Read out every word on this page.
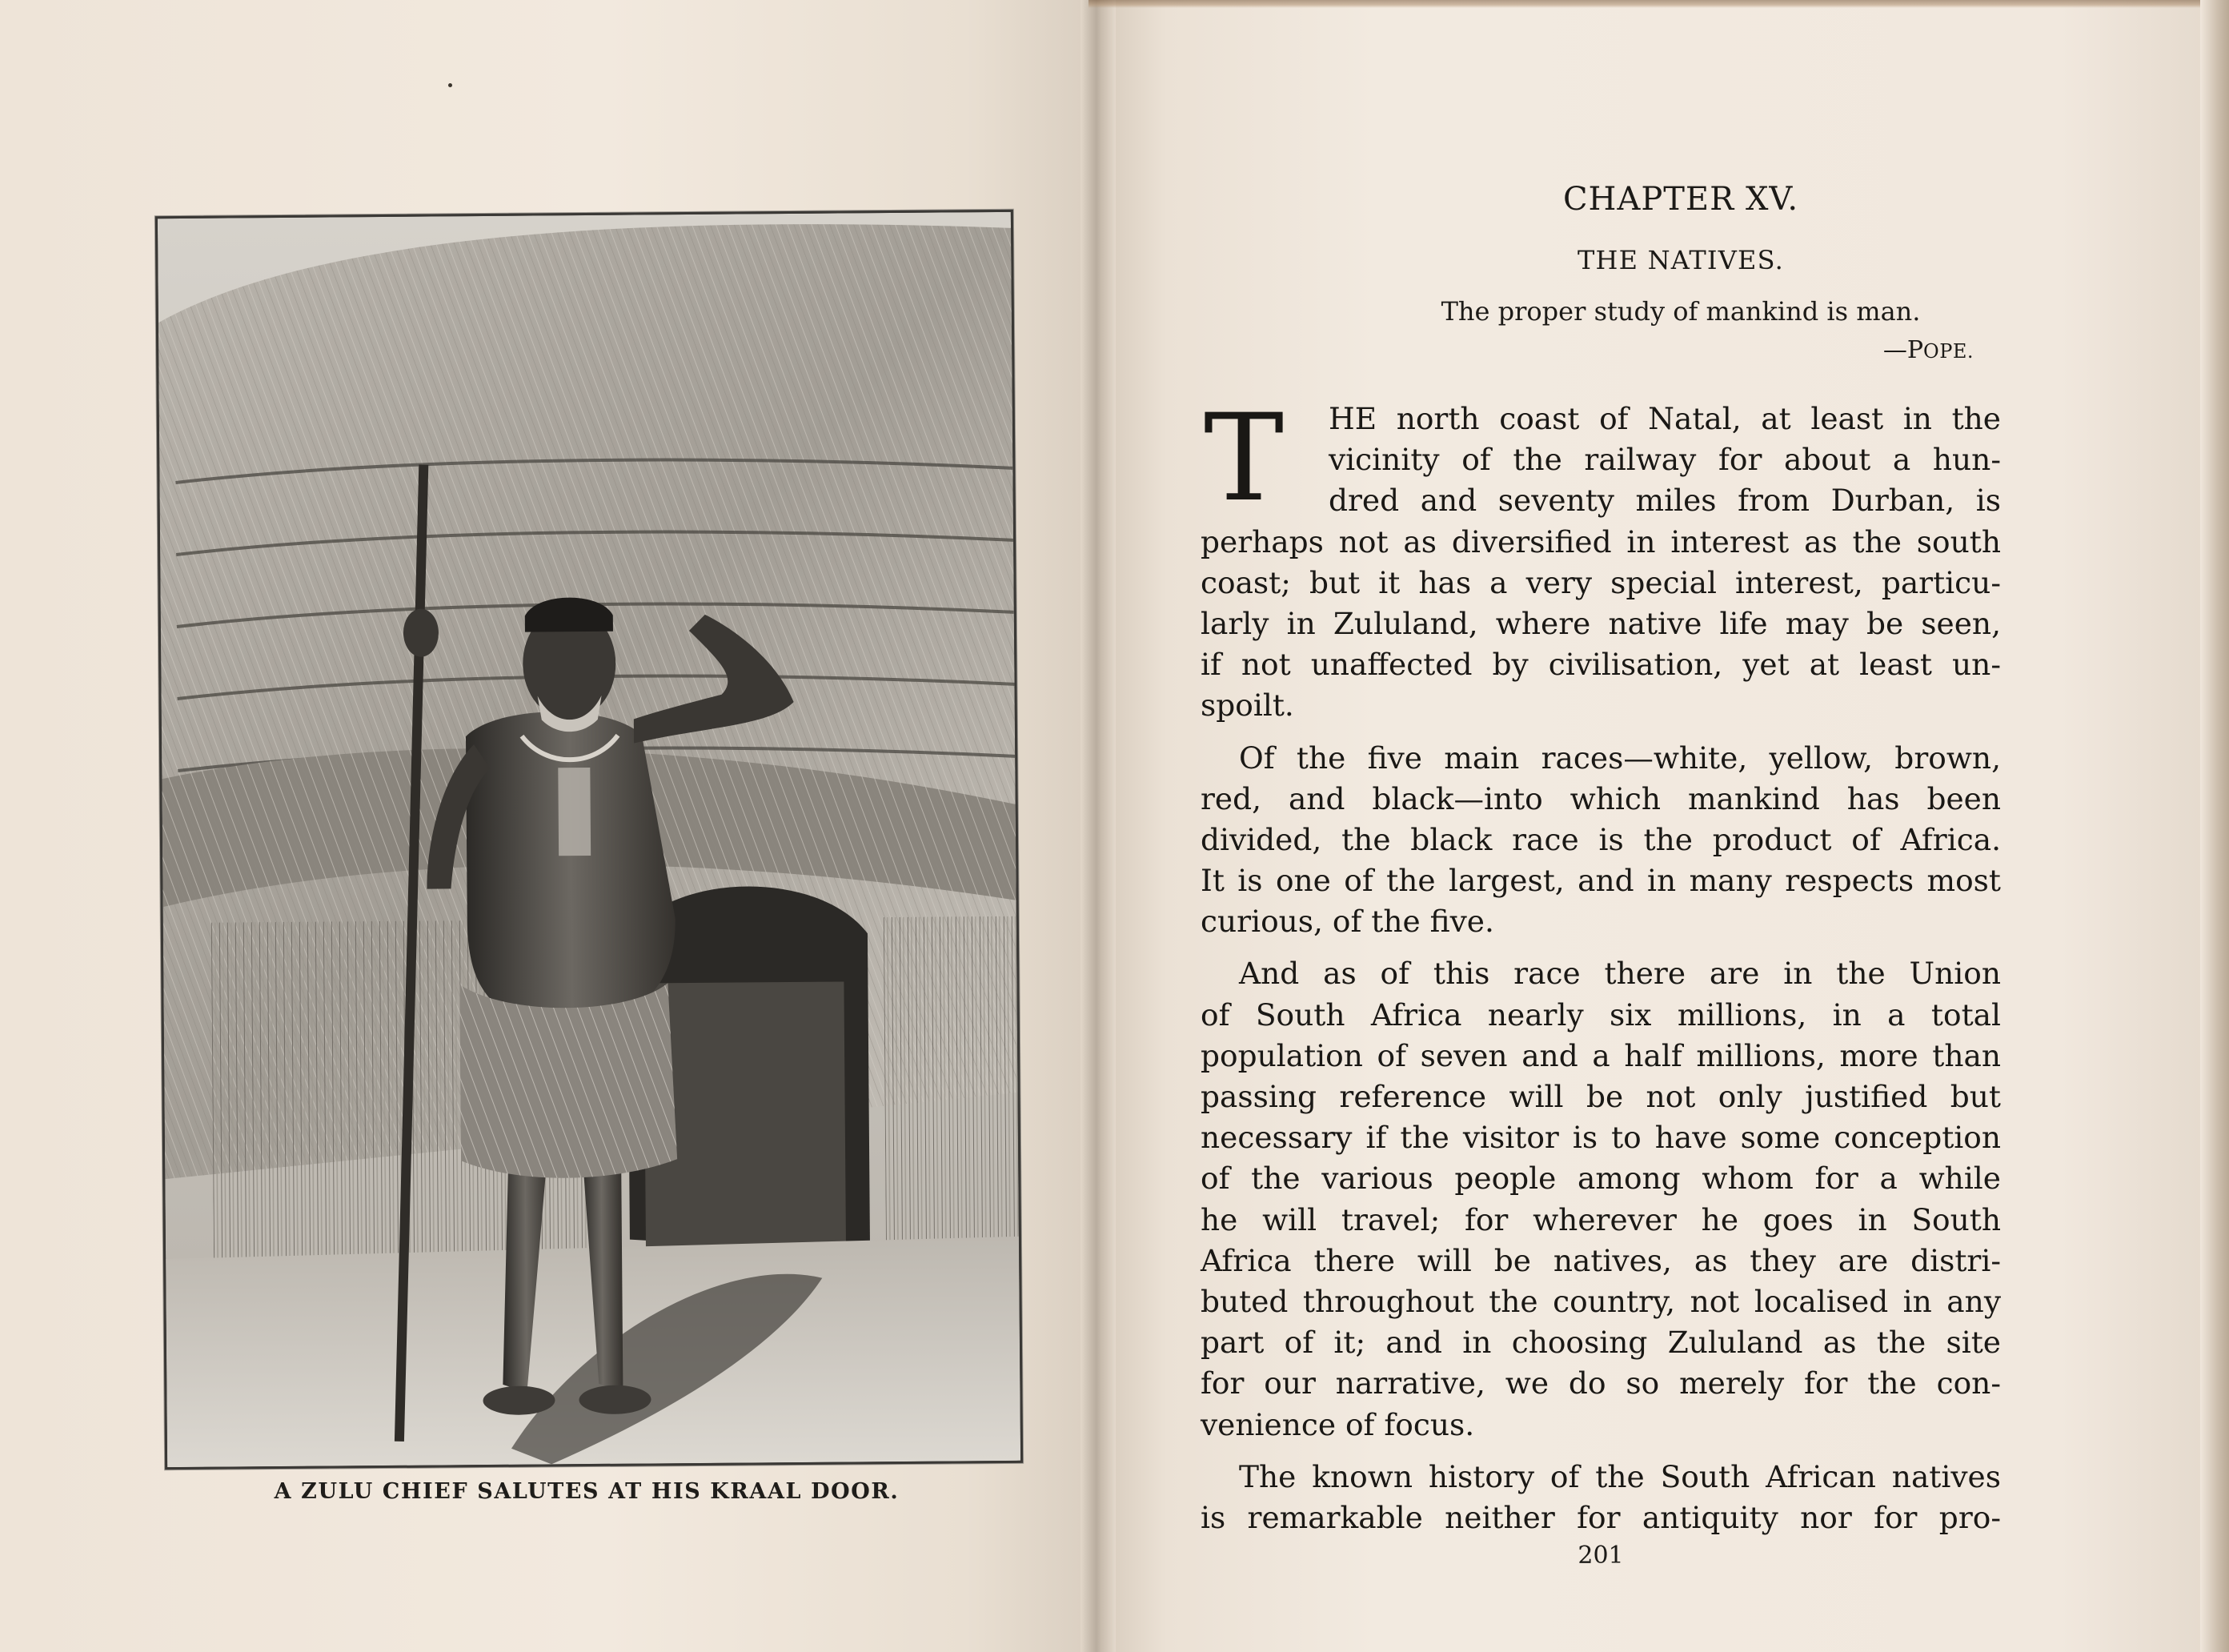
A ZULU CHIEF SALUTES AT HIS KRAAL DOOR.
CHAPTER XV.
THE NATIVES.
The proper study of mankind is man.
—POPE.
T	HE north coast of Natal, at least in the
vicinity of the railway for about a hun-
dred and seventy miles from Durban, is
perhaps not as diversified in interest as the south
coast; but it has a very special interest, particu-
larly in Zululand, where native life may be seen,
if not unaffected by civilisation, yet at least un-
spoilt.
Of the five main races—white, yellow, brown,
red, and black—into which mankind has been
divided, the black race is the product of Africa.
It is one of the largest, and in many respects most
curious, of the five.
And as of this race there are in the Union
of South Africa nearly six millions, in a total
population of seven and a half millions, more than
passing reference will be not only justified but
necessary if the visitor is to have some conception
of the various people among whom for a while
he will travel; for wherever he goes in South
Africa there will be natives, as they are distri-
buted throughout the country, not localised in any
part of it; and in choosing Zululand as the site
for our narrative, we do so merely for the con-
venience of focus.
The known history of the South African natives
is remarkable neither for antiquity nor for pro-
201
